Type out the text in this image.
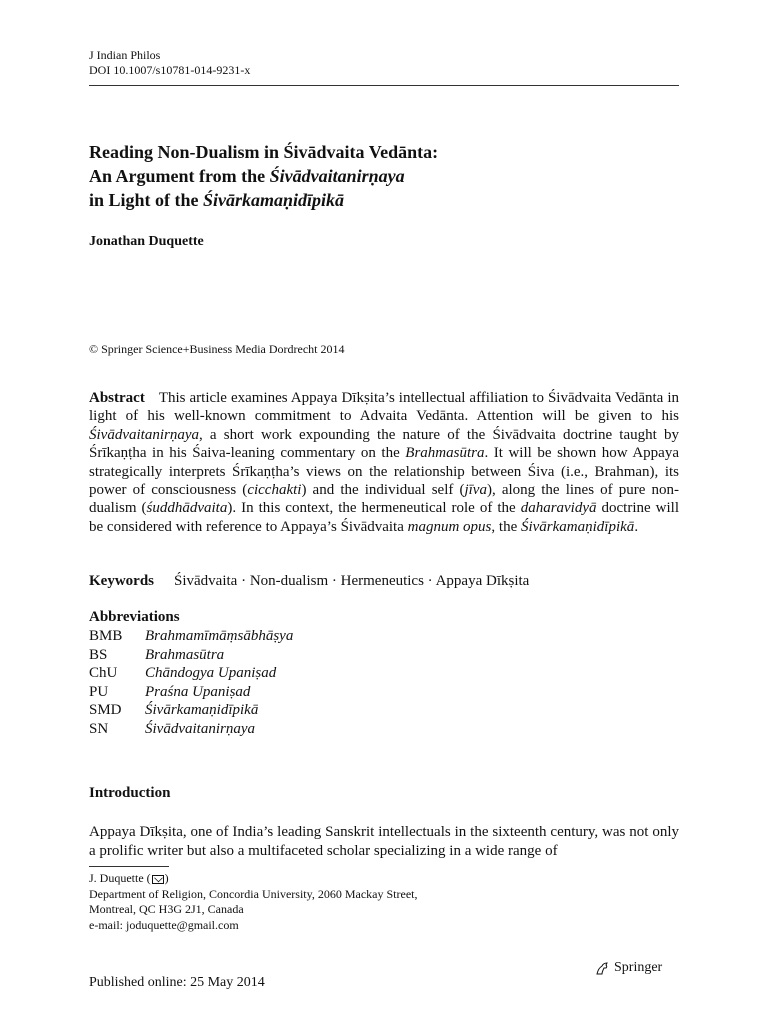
J Indian Philos
DOI 10.1007/s10781-014-9231-x
Reading Non-Dualism in Śivādvaita Vedānta:
An Argument from the Śivādvaitanirṇaya
in Light of the Śivārkamaṇidīpikā
Jonathan Duquette
© Springer Science+Business Media Dordrecht 2014
Abstract This article examines Appaya Dīkṣita’s intellectual affiliation to Śivādvaita Vedānta in light of his well-known commitment to Advaita Vedānta. Attention will be given to his Śivādvaitanirṇaya, a short work expounding the nature of the Śivādvaita doctrine taught by Śrīkaṇṭha in his Śaiva-leaning commentary on the Brahmasūtra. It will be shown how Appaya strategically interprets Śrīkaṇṭha’s views on the relationship between Śiva (i.e., Brahman), its power of consciousness (cicchakti) and the individual self (jīva), along the lines of pure non-dualism (śuddhādvaita). In this context, the hermeneutical role of the daharavidyā doctrine will be considered with reference to Appaya’s Śivādvaita magnum opus, the Śivārkamaṇidīpikā.
Keywords Śivādvaita · Non-dualism · Hermeneutics · Appaya Dīkṣita
Abbreviations
BMB	Brahmamīmāṃsābhāṣya
BS	Brahmasūtra
ChU	Chāndogya Upaniṣad
PU	Praśna Upaniṣad
SMD	Śivārkamaṇidīpikā
SN	Śivādvaitanirṇaya
Introduction
Appaya Dīkṣita, one of India’s leading Sanskrit intellectuals in the sixteenth century, was not only a prolific writer but also a multifaceted scholar specializing in a wide range of
J. Duquette ( )
Department of Religion, Concordia University, 2060 Mackay Street,
Montreal, QC H3G 2J1, Canada
e-mail: joduquette@gmail.com
Published online: 25 May 2014
Springer
